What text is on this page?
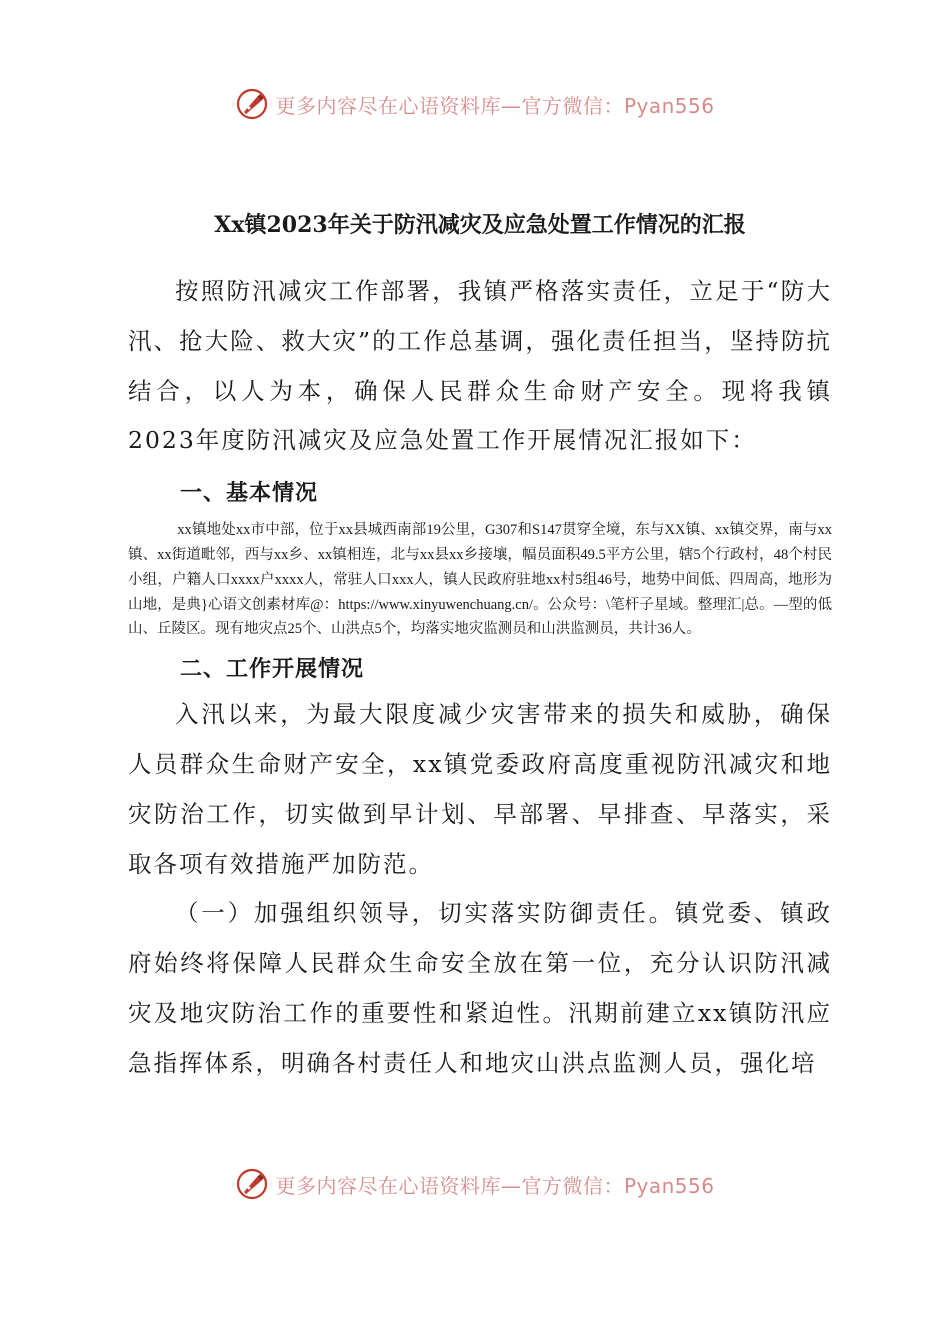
更多内容尽在心语资料库—官方微信：Pyan556
Xx镇2023年关于防汛减灾及应急处置工作情况的汇报

按照防汛减灾工作部署，我镇严格落实责任，立足于“防大汛、抢大险、救大灾”的工作总基调，强化责任担当，坚持防抗结合，以人为本，确保人民群众生命财产安全。现将我镇2023年度防汛减灾及应急处置工作开展情况汇报如下：

一、基本情况

xx镇地处xx市中部，位于xx县城西南部19公里，G307和S147贯穿全境，东与XX镇、xx镇交界，南与xx镇、xx街道毗邻，西与xx乡、xx镇相连，北与xx县xx乡接壤，幅员面积49.5平方公里，辖5个行政村，48个村民小组，户籍人口xxxx户xxxx人，常驻人口xxx人，镇人民政府驻地xx村5组46号，地势中间低、四周高，地形为山地，是典}心语文创素材库@：https://www.xinyuwenchuang.cn/。公众号：\笔杆子星域。整理汇|总。—型的低山、丘陵区。现有地灾点25个、山洪点5个，均落实地灾监测员和山洪监测员，共计36人。

二、工作开展情况

入汛以来，为最大限度减少灾害带来的损失和威胁，确保人员群众生命财产安全，xx镇党委政府高度重视防汛减灾和地灾防治工作，切实做到早计划、早部署、早排查、早落实，采取各项有效措施严加防范。

（一）加强组织领导，切实落实防御责任。镇党委、镇政府始终将保障人民群众生命安全放在第一位，充分认识防汛减灾及地灾防治工作的重要性和紧迫性。汛期前建立xx镇防汛应急指挥体系，明确各村责任人和地灾山洪点监测人员，强化培

更多内容尽在心语资料库—官方微信：Pyan556
